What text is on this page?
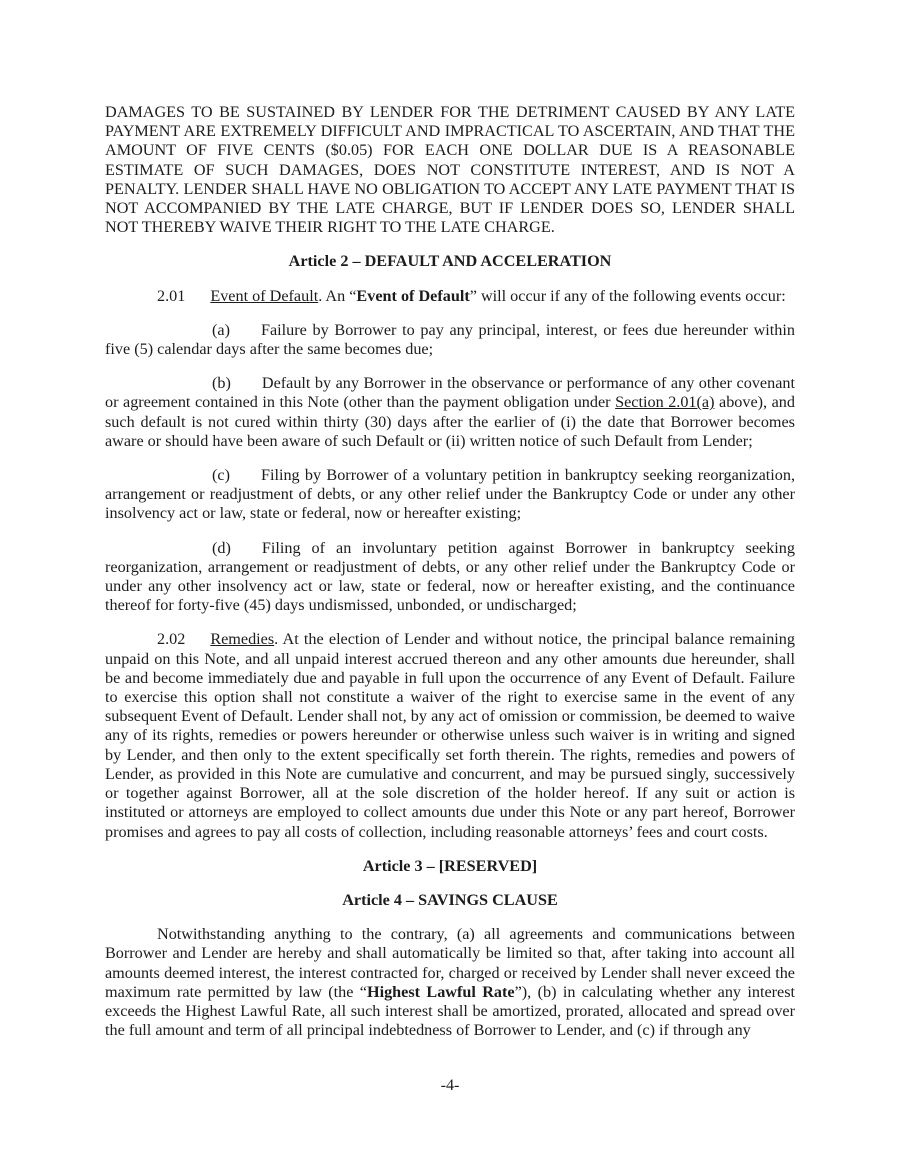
DAMAGES TO BE SUSTAINED BY LENDER FOR THE DETRIMENT CAUSED BY ANY LATE PAYMENT ARE EXTREMELY DIFFICULT AND IMPRACTICAL TO ASCERTAIN, AND THAT THE AMOUNT OF FIVE CENTS ($0.05) FOR EACH ONE DOLLAR DUE IS A REASONABLE ESTIMATE OF SUCH DAMAGES, DOES NOT CONSTITUTE INTEREST, AND IS NOT A PENALTY. LENDER SHALL HAVE NO OBLIGATION TO ACCEPT ANY LATE PAYMENT THAT IS NOT ACCOMPANIED BY THE LATE CHARGE, BUT IF LENDER DOES SO, LENDER SHALL NOT THEREBY WAIVE THEIR RIGHT TO THE LATE CHARGE.

Article 2 – DEFAULT AND ACCELERATION

2.01 Event of Default. An “Event of Default” will occur if any of the following events occur:

(a) Failure by Borrower to pay any principal, interest, or fees due hereunder within five (5) calendar days after the same becomes due;

(b) Default by any Borrower in the observance or performance of any other covenant or agreement contained in this Note (other than the payment obligation under Section 2.01(a) above), and such default is not cured within thirty (30) days after the earlier of (i) the date that Borrower becomes aware or should have been aware of such Default or (ii) written notice of such Default from Lender;

(c) Filing by Borrower of a voluntary petition in bankruptcy seeking reorganization, arrangement or readjustment of debts, or any other relief under the Bankruptcy Code or under any other insolvency act or law, state or federal, now or hereafter existing;

(d) Filing of an involuntary petition against Borrower in bankruptcy seeking reorganization, arrangement or readjustment of debts, or any other relief under the Bankruptcy Code or under any other insolvency act or law, state or federal, now or hereafter existing, and the continuance thereof for forty-five (45) days undismissed, unbonded, or undischarged;

2.02 Remedies. At the election of Lender and without notice, the principal balance remaining unpaid on this Note, and all unpaid interest accrued thereon and any other amounts due hereunder, shall be and become immediately due and payable in full upon the occurrence of any Event of Default. Failure to exercise this option shall not constitute a waiver of the right to exercise same in the event of any subsequent Event of Default. Lender shall not, by any act of omission or commission, be deemed to waive any of its rights, remedies or powers hereunder or otherwise unless such waiver is in writing and signed by Lender, and then only to the extent specifically set forth therein. The rights, remedies and powers of Lender, as provided in this Note are cumulative and concurrent, and may be pursued singly, successively or together against Borrower, all at the sole discretion of the holder hereof. If any suit or action is instituted or attorneys are employed to collect amounts due under this Note or any part hereof, Borrower promises and agrees to pay all costs of collection, including reasonable attorneys’ fees and court costs.

Article 3 – [RESERVED]

Article 4 – SAVINGS CLAUSE

Notwithstanding anything to the contrary, (a) all agreements and communications between Borrower and Lender are hereby and shall automatically be limited so that, after taking into account all amounts deemed interest, the interest contracted for, charged or received by Lender shall never exceed the maximum rate permitted by law (the “Highest Lawful Rate”), (b) in calculating whether any interest exceeds the Highest Lawful Rate, all such interest shall be amortized, prorated, allocated and spread over the full amount and term of all principal indebtedness of Borrower to Lender, and (c) if through any

-4-
